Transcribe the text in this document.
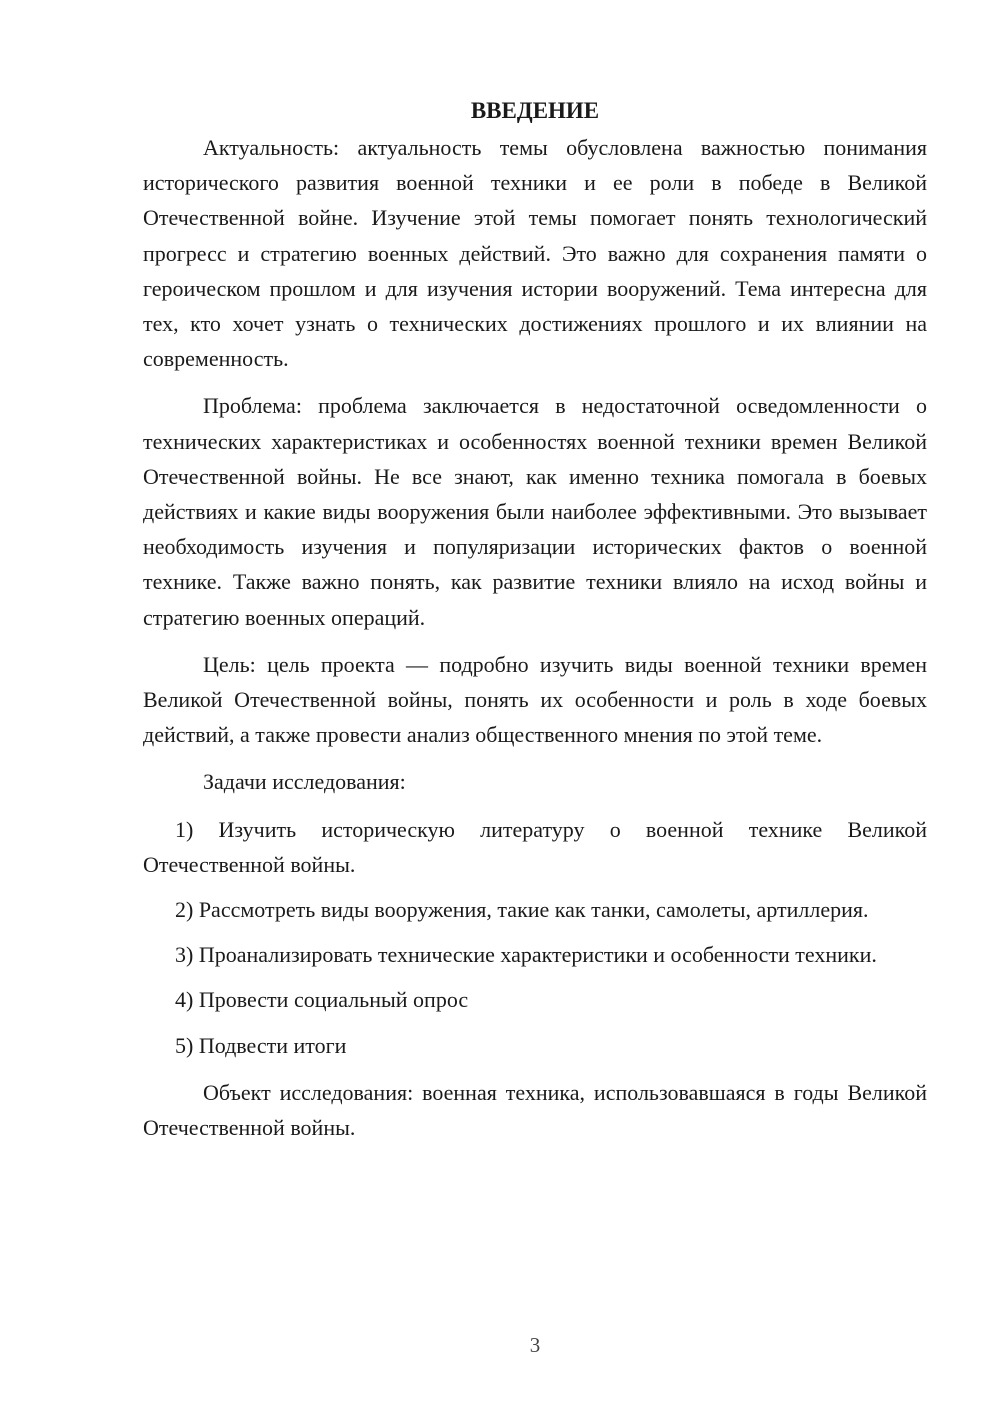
ВВЕДЕНИЕ

Актуальность: актуальность темы обусловлена важностью понимания исторического развития военной техники и ее роли в победе в Великой Отечественной войне. Изучение этой темы помогает понять технологический прогресс и стратегию военных действий. Это важно для сохранения памяти о героическом прошлом и для изучения истории вооружений. Тема интересна для тех, кто хочет узнать о технических достижениях прошлого и их влиянии на современность.

Проблема: проблема заключается в недостаточной осведомленности о технических характеристиках и особенностях военной техники времен Великой Отечественной войны. Не все знают, как именно техника помогала в боевых действиях и какие виды вооружения были наиболее эффективными. Это вызывает необходимость изучения и популяризации исторических фактов о военной технике. Также важно понять, как развитие техники влияло на исход войны и стратегию военных операций.

Цель: цель проекта — подробно изучить виды военной техники времен Великой Отечественной войны, понять их особенности и роль в ходе боевых действий, а также провести анализ общественного мнения по этой теме.

Задачи исследования:

1) Изучить историческую литературу о военной технике Великой Отечественной войны.

2) Рассмотреть виды вооружения, такие как танки, самолеты, артиллерия.

3) Проанализировать технические характеристики и особенности техники.

4) Провести социальный опрос

5) Подвести итоги

Объект исследования: военная техника, использовавшаяся в годы Великой Отечественной войны.

3
